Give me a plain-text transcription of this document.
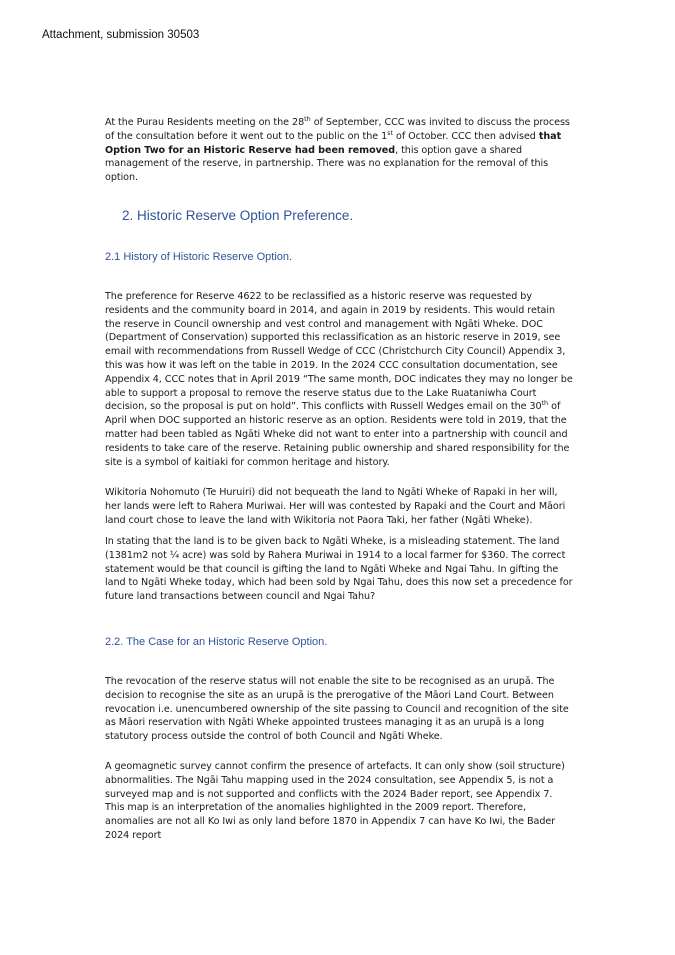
Attachment, submission 30503

At the Purau Residents meeting on the 28th of September, CCC was invited to discuss the process of the consultation before it went out to the public on the 1st of October. CCC then advised that Option Two for an Historic Reserve had been removed, this option gave a shared management of the reserve, in partnership. There was no explanation for the removal of this option.

2. Historic Reserve Option Preference.
2.1 History of Historic Reserve Option.

The preference for Reserve 4622 to be reclassified as a historic reserve was requested by residents and the community board in 2014, and again in 2019 by residents. This would retain the reserve in Council ownership and vest control and management with Ngāti Wheke. DOC (Department of Conservation) supported this reclassification as an historic reserve in 2019, see email with recommendations from Russell Wedge of CCC (Christchurch City Council) Appendix 3, this was how it was left on the table in 2019. In the 2024 CCC consultation documentation, see Appendix 4, CCC notes that in April 2019 “The same month, DOC indicates they may no longer be able to support a proposal to remove the reserve status due to the Lake Ruataniwha Court decision, so the proposal is put on hold”. This conflicts with Russell Wedges email on the 30th of April when DOC supported an historic reserve as an option. Residents were told in 2019, that the matter had been tabled as Ngāti Wheke did not want to enter into a partnership with council and residents to take care of the reserve. Retaining public ownership and shared responsibility for the site is a symbol of kaitiaki for common heritage and history.

Wikitoria Nohomuto (Te Huruiri) did not bequeath the land to Ngāti Wheke of Rapaki in her will, her lands were left to Rahera Muriwai. Her will was contested by Rapaki and the Court and Māori land court chose to leave the land with Wikitoria not Paora Taki, her father (Ngāti Wheke).

In stating that the land is to be given back to Ngāti Wheke, is a misleading statement. The land (1381m2 not ¼ acre) was sold by Rahera Muriwai in 1914 to a local farmer for $360. The correct statement would be that council is gifting the land to Ngāti Wheke and Ngai Tahu. In gifting the land to Ngāti Wheke today, which had been sold by Ngai Tahu, does this now set a precedence for future land transactions between council and Ngai Tahu?

2.2. The Case for an Historic Reserve Option.

The revocation of the reserve status will not enable the site to be recognised as an urupā. The decision to recognise the site as an urupā is the prerogative of the Māori Land Court. Between revocation i.e. unencumbered ownership of the site passing to Council and recognition of the site as Māori reservation with Ngāti Wheke appointed trustees managing it as an urupā is a long statutory process outside the control of both Council and Ngāti Wheke.

A geomagnetic survey cannot confirm the presence of artefacts. It can only show (soil structure) abnormalities. The Ngāi Tahu mapping used in the 2024 consultation, see Appendix 5, is not a surveyed map and is not supported and conflicts with the 2024 Bader report, see Appendix 7. This map is an interpretation of the anomalies highlighted in the 2009 report. Therefore, anomalies are not all Ko Iwi as only land before 1870 in Appendix 7 can have Ko Iwi, the Bader 2024 report
